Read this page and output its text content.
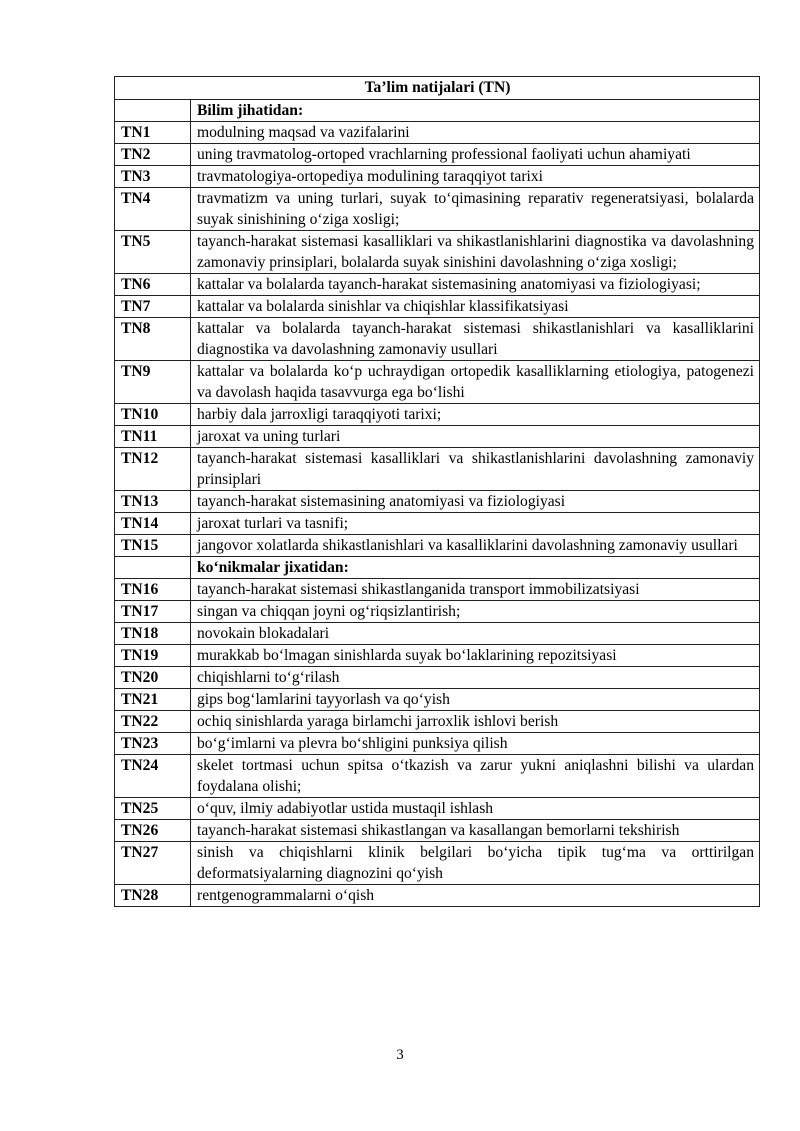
Ta’lim natijalari (TN)	
	Bilim jihatidan:
TN1	modulning maqsad va vazifalarini
TN2	uning travmatolog-ortoped vrachlarning professional faoliyati uchun ahamiyati
TN3	travmatologiya-ortopediya modulining taraqqiyot tarixi
TN4	travmatizm va uning turlari, suyak to‘qimasining reparativ regeneratsiyasi, bolalarda suyak sinishining o‘ziga xosligi;
TN5	tayanch-harakat sistemasi kasalliklari va shikastlanishlarini diagnostika va davolashning zamonaviy prinsiplari, bolalarda suyak sinishini davolashning o‘ziga xosligi;
TN6	kattalar va bolalarda tayanch-harakat sistemasining anatomiyasi va fiziologiyasi;
TN7	kattalar va bolalarda sinishlar va chiqishlar klassifikatsiyasi
TN8	kattalar va bolalarda tayanch-harakat sistemasi shikastlanishlari va kasalliklarini diagnostika va davolashning zamonaviy usullari
TN9	kattalar va bolalarda ko‘p uchraydigan ortopedik kasalliklarning etiologiya, patogenezi va davolash haqida tasavvurga ega bo‘lishi
TN10	harbiy dala jarroxligi taraqqiyoti tarixi;
TN11	jaroxat va uning turlari
TN12	tayanch-harakat sistemasi kasalliklari va shikastlanishlarini davolashning zamonaviy prinsiplari
TN13	tayanch-harakat sistemasining anatomiyasi va fiziologiyasi
TN14	jaroxat turlari va tasnifi;
TN15	jangovor xolatlarda shikastlanishlari va kasalliklarini davolashning zamonaviy usullari
	ko‘nikmalar jixatidan:
TN16	tayanch-harakat sistemasi shikastlanganida transport immobilizatsiyasi
TN17	singan va chiqqan joyni og‘riqsizlantirish;
TN18	novokain blokadalari
TN19	murakkab bo‘lmagan sinishlarda suyak bo‘laklarining repozitsiyasi
TN20	chiqishlarni to‘g‘rilash
TN21	gips bog‘lamlarini tayyorlash va qo‘yish
TN22	ochiq sinishlarda yaraga birlamchi jarroxlik ishlovi berish
TN23	bo‘g‘imlarni va plevra bo‘shligini punksiya qilish
TN24	skelet tortmasi uchun spitsa o‘tkazish va zarur yukni aniqlashni bilishi va ulardan foydalana olishi;
TN25	o‘quv, ilmiy adabiyotlar ustida mustaqil ishlash
TN26	tayanch-harakat sistemasi shikastlangan va kasallangan bemorlarni tekshirish
TN27	sinish va chiqishlarni klinik belgilari bo‘yicha tipik tug‘ma va orttirilgan deformatsiyalarning diagnozini qo‘yish
TN28	rentgenogrammalarni o‘qish
3
